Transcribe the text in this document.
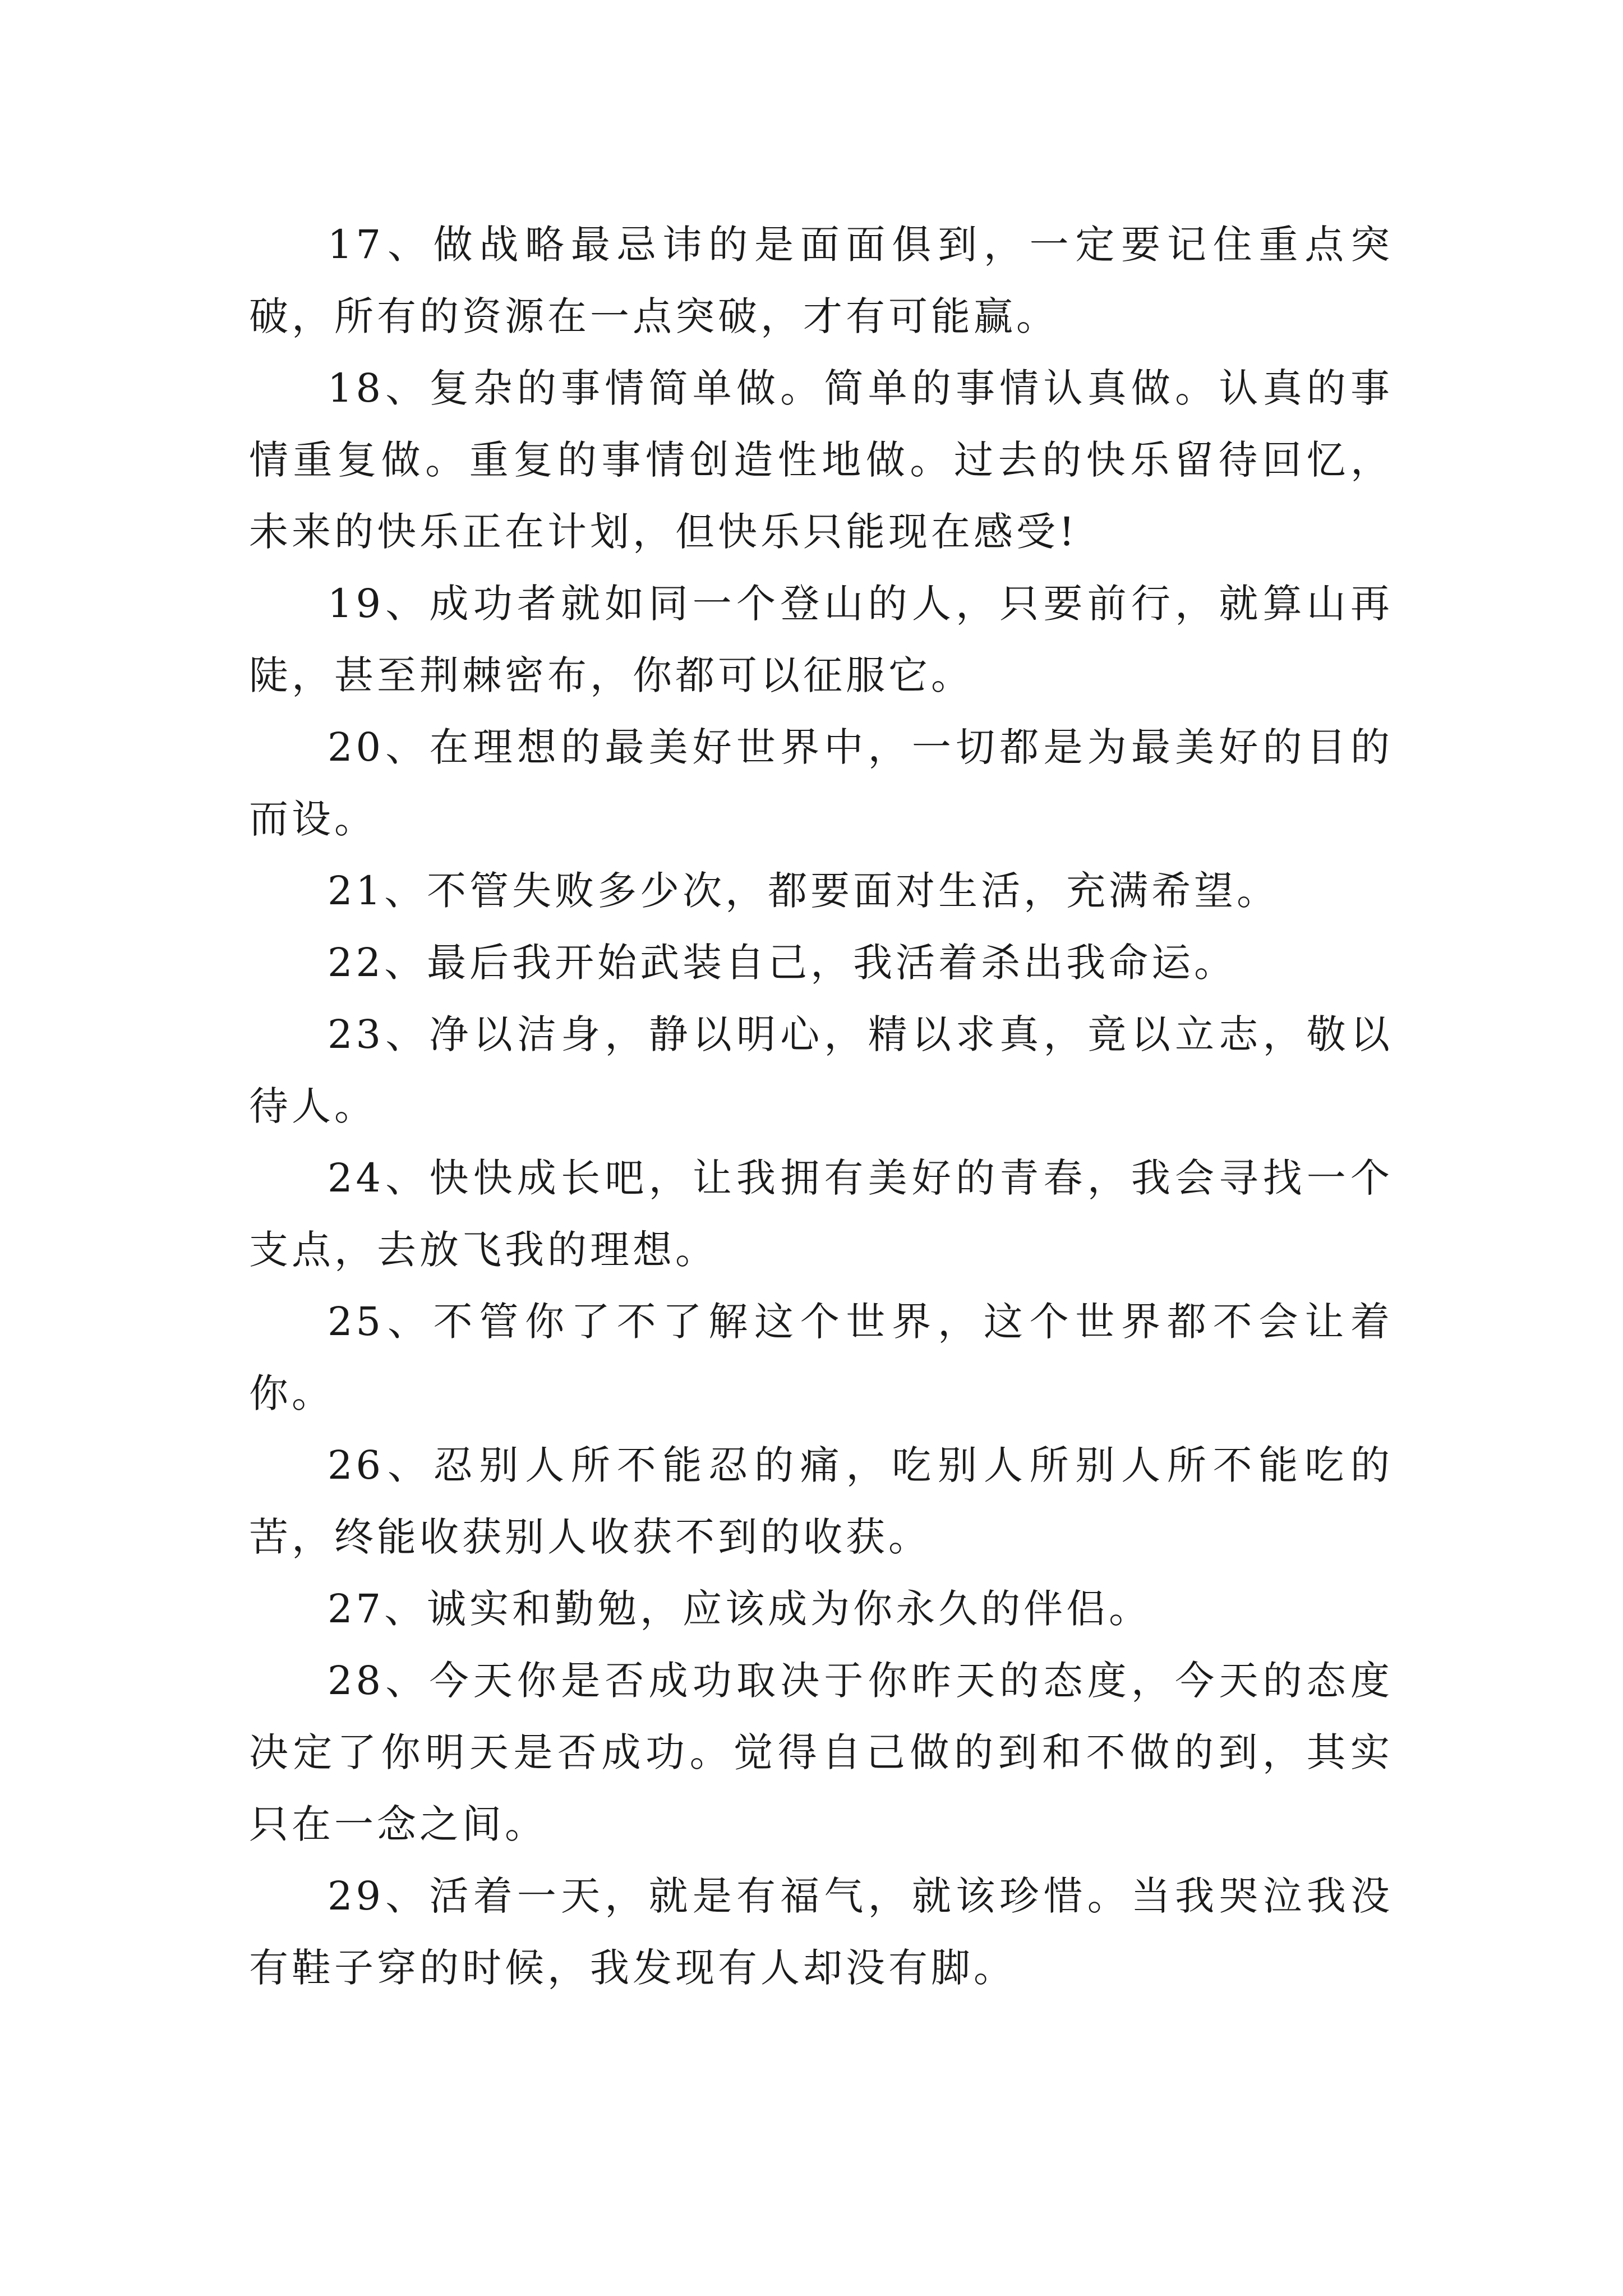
17、做战略最忌讳的是面面俱到，一定要记住重点突破，所有的资源在一点突破，才有可能赢。

18、复杂的事情简单做。简单的事情认真做。认真的事情重复做。重复的事情创造性地做。过去的快乐留待回忆，未来的快乐正在计划，但快乐只能现在感受!

19、成功者就如同一个登山的人，只要前行，就算山再陡，甚至荆棘密布，你都可以征服它。

20、在理想的最美好世界中，一切都是为最美好的目的而设。

21、不管失败多少次，都要面对生活，充满希望。

22、最后我开始武装自己，我活着杀出我命运。

23、净以洁身，静以明心，精以求真，竟以立志，敬以待人。

24、快快成长吧，让我拥有美好的青春，我会寻找一个支点，去放飞我的理想。

25、不管你了不了解这个世界，这个世界都不会让着你。

26、忍别人所不能忍的痛，吃别人所别人所不能吃的苦，终能收获别人收获不到的收获。

27、诚实和勤勉，应该成为你永久的伴侣。

28、今天你是否成功取决于你昨天的态度，今天的态度决定了你明天是否成功。觉得自己做的到和不做的到，其实只在一念之间。

29、活着一天，就是有福气，就该珍惜。当我哭泣我没有鞋子穿的时候，我发现有人却没有脚。
